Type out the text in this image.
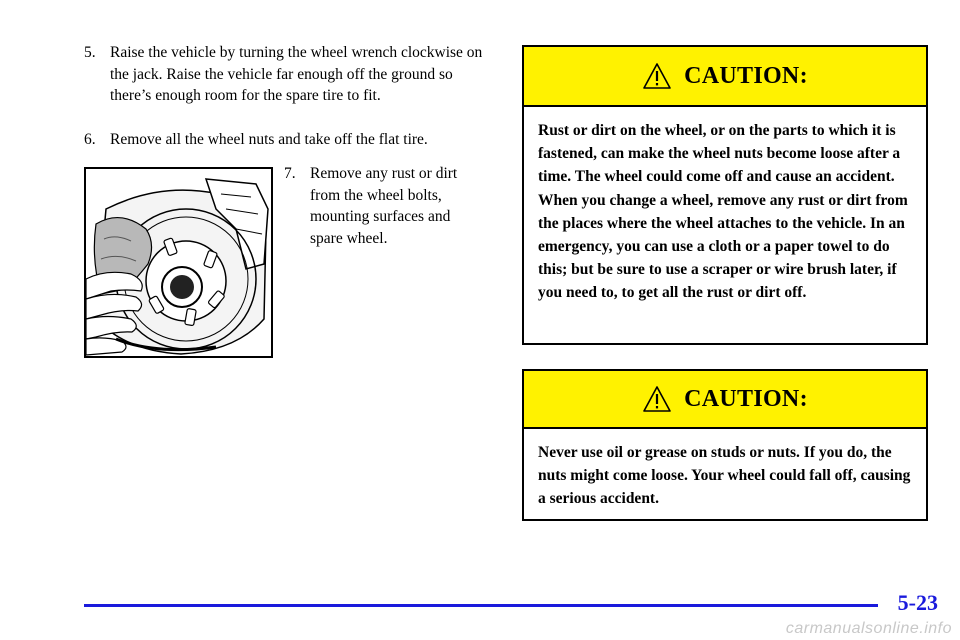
5. Raise the vehicle by turning the wheel wrench clockwise on the jack. Raise the vehicle far enough off the ground so there’s enough room for the spare tire to fit.
6. Remove all the wheel nuts and take off the flat tire.
7. Remove any rust or dirt from the wheel bolts, mounting surfaces and spare wheel.
CAUTION:
Rust or dirt on the wheel, or on the parts to which it is fastened, can make the wheel nuts become loose after a time. The wheel could come off and cause an accident. When you change a wheel, remove any rust or dirt from the places where the wheel attaches to the vehicle. In an emergency, you can use a cloth or a paper towel to do this; but be sure to use a scraper or wire brush later, if you need to, to get all the rust or dirt off.
CAUTION:
Never use oil or grease on studs or nuts. If you do, the nuts might come loose. Your wheel could fall off, causing a serious accident.
5-23
carmanualsonline.info
